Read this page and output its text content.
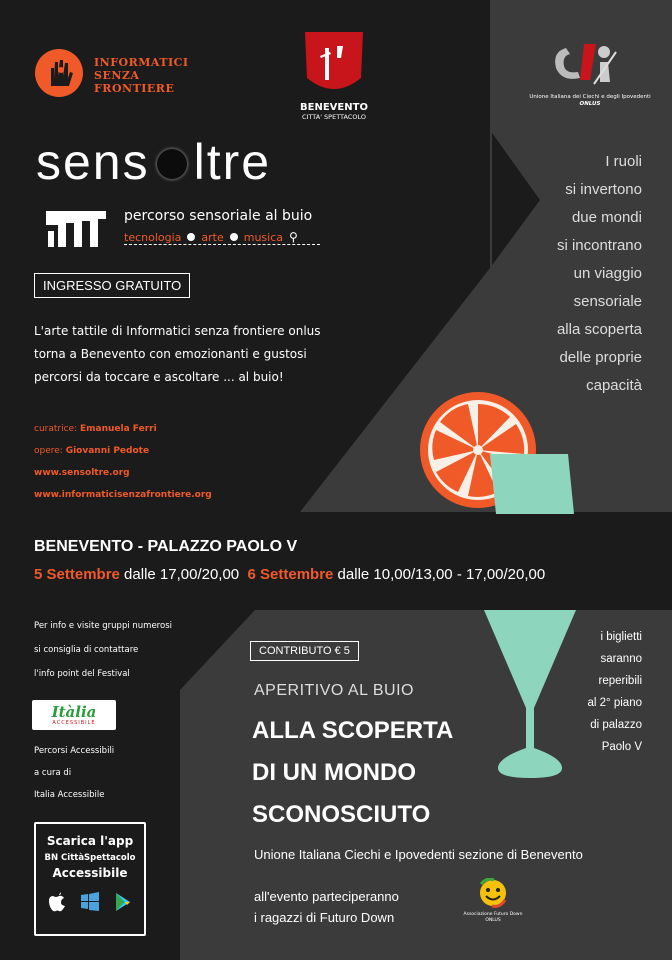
INFORMATICI
SENZA
FRONTIERE
BENEVENTO
CITTA' SPETTACOLO
Unione Italiana dei Ciechi e degli Ipovedenti
ONLUS
sens ltre
percorso sensoriale al buio
tecnologia arte musica ⚲
INGRESSO GRATUITO
L'arte tattile di Informatici senza frontiere onlus
torna a Benevento con emozionanti e gustosi
percorsi da toccare e ascoltare ... al buio!
curatrice: Emanuela Ferri
opere: Giovanni Pedote
www.sensoltre.org
www.informaticisenzafrontiere.org
I ruoli
si invertono
due mondi
si incontrano
un viaggio
sensoriale
alla scoperta
delle proprie
capacità
BENEVENTO - PALAZZO PAOLO V
5 Settembre dalle 17,00/20,00 6 Settembre dalle 10,00/13,00 - 17,00/20,00
Per info e visite gruppi numerosi
si consiglia di contattare
l'info point del Festival
Itàlia
ACCESSIBILE
Percorsi Accessibili
a cura di
Italia Accessibile
Scarica l'app
BN CittàSpettacolo
Accessibile
CONTRIBUTO € 5
APERITIVO AL BUIO
ALLA SCOPERTA
DI UN MONDO
SCONOSCIUTO
i biglietti
saranno
reperibili
al 2° piano
di palazzo
Paolo V
Unione Italiana Ciechi e Ipovedenti sezione di Benevento
all'evento parteciperanno
i ragazzi di Futuro Down	Associazione Futuro Down
ONLUS
